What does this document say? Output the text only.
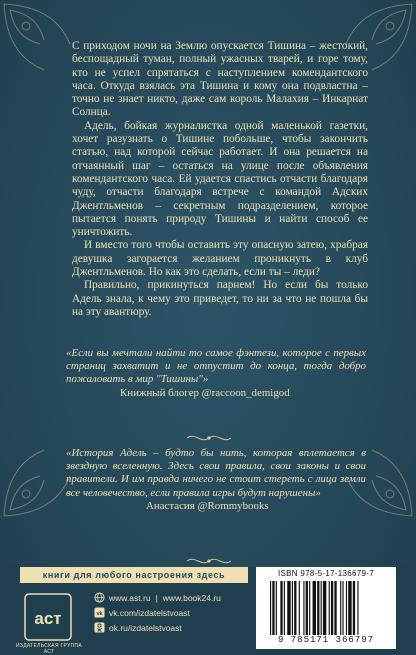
С приходом ночи на Землю опускается Тишина – жестокий, беспощадный туман, полный ужасных тварей, и горе тому, кто не успел спрятаться с наступлением комендантского часа. Откуда взялась эта Тишина и кому она подвластна – точно не знает никто, даже сам король Малахия – Инкарнат Солнца.

Адель, бойкая журналистка одной маленькой газетки, хочет разузнать о Тишине побольше, чтобы закончить статью, над которой сейчас работает. И она решается на отчаянный шаг – остаться на улице после объявления комендантского часа. Ей удается спастись отчасти благодаря чуду, отчасти благодаря встрече с командой Адских Джентльменов – секретным подразделением, которое пытается понять природу Тишины и найти способ ее уничтожить.

И вместо того чтобы оставить эту опасную затею, храбрая девушка загорается желанием проникнуть в клуб Джентльменов. Но как это сделать, если ты – леди?

Правильно, прикинуться парнем! Но если бы только Адель знала, к чему это приведет, то ни за что не пошла бы на эту авантюру.

«Если вы мечтали найти то самое фэнтези, которое с первых страниц захватит и не отпустит до конца, тогда добро пожаловать в мир "Тишины"»
Книжный блогер @raccoon_demigod
«История Адель – будто бы нить, которая вплетается в звездную вселенную. Здесь свои правила, свои законы и свои правители. И им правда ничего не стоит стереть с лица земли все человечество, если правила игры будут нарушены»
Анастасия @Rommybooks
книги для любого настроения здесь
аст
ИЗДАТЕЛЬСКАЯ ГРУППА АСТ
www.ast.ru | www.book24.ru
vk vk.com/izdatelstvoast
ok.ru/izdatelstvoast
ISBN 978-5-17-136679-7
9 785171 366797
